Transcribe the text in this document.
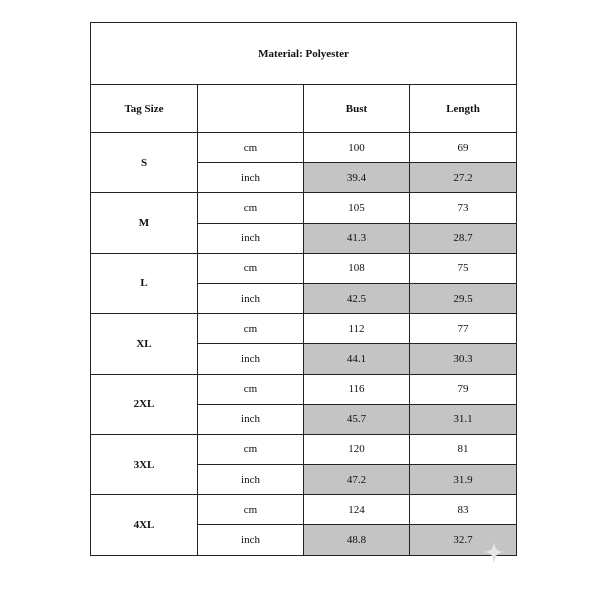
Material: Polyester			
Tag Size		Bust	Length
S	cm	100	69
	inch	39.4	27.2
M	cm	105	73
	inch	41.3	28.7
L	cm	108	75
	inch	42.5	29.5
XL	cm	112	77
	inch	44.1	30.3
2XL	cm	116	79
	inch	45.7	31.1
3XL	cm	120	81
	inch	47.2	31.9
4XL	cm	124	83
	inch	48.8	32.7
